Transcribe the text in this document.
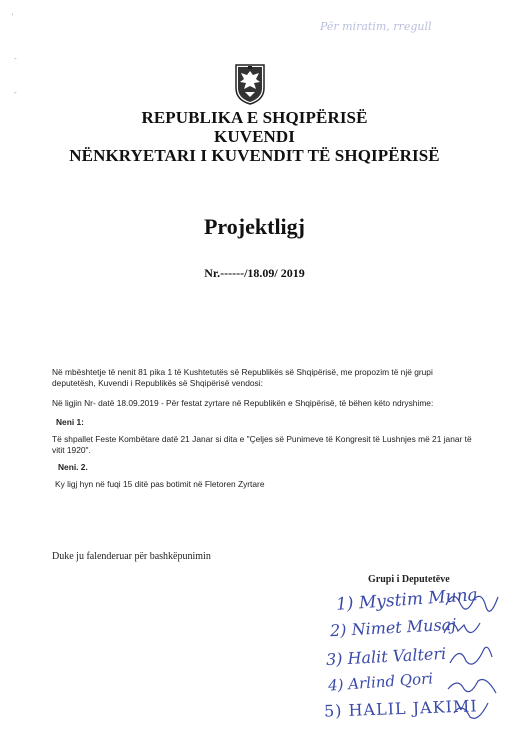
'
-
-
Për miratim, rregull
REPUBLIKA E SHQIPËRISË
KUVENDI
NËNKRYETARI I KUVENDIT TË SHQIPËRISË
Projektligj
Nr.------/18.09/ 2019
Në mbështetje të nenit 81 pika 1 të Kushtetutës së Republikës së Shqipërisë, me propozim të një grupi deputetësh, Kuvendi i Republikës së Shqipërisë vendosi:
Në ligjin Nr- datë 18.09.2019 - Për festat zyrtare në Republikën e Shqipërisë, të bëhen këto ndryshime:
Neni 1:
Të shpallet Feste Kombëtare datë 21 Janar si dita e "Çeljes së Punimeve të Kongresit të Lushnjes më 21 janar të vitit 1920".
Neni. 2.
Ky ligj hyn në fuqi 15 ditë pas botimit në Fletoren Zyrtare
Duke ju falenderuar për bashkëpunimin
Grupi i Deputetëve
1) Mystim Muna
2) Nimet Musaj
3) Halit Valteri
4) Arlind Qori
5) HALIL JAKIMI
